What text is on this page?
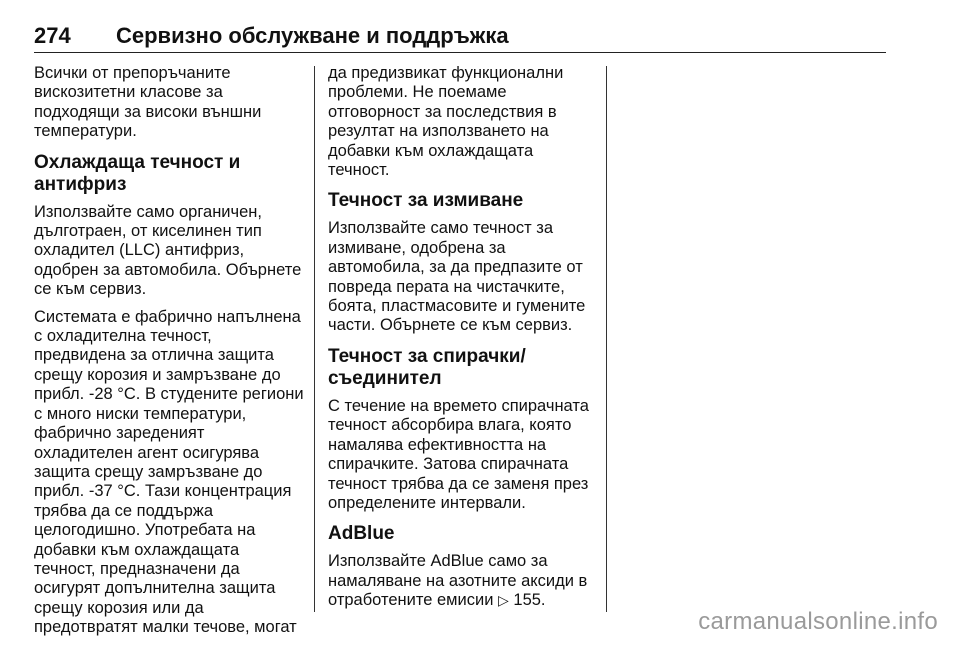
274 Сервизно обслужване и поддръжка

Всички от препоръчаните
вискозитетни класове за
подходящи за високи външни
температури.

Охлаждаща течност и
антифриз

Използвайте само органичен,
дълготраен, от киселинен тип
охладител (LLC) антифриз,
одобрен за автомобила. Обърнете
се към сервиз.

Системата е фабрично напълнена
с охладителна течност,
предвидена за отлична защита
срещу корозия и замръзване до
прибл. -28 °C. В студените региони
с много ниски температури,
фабрично зареденият
охладителен агент осигурява
защита срещу замръзване до
прибл. -37 °C. Тази концентрация
трябва да се поддържа
целогодишно. Употребата на
добавки към охлаждащата
течност, предназначени да
осигурят допълнителна защита
срещу корозия или да
предотвратят малки течове, могат

да предизвикат функционални
проблеми. Не поемаме
отговорност за последствия в
резултат на използването на
добавки към охлаждащата
течност.

Течност за измиване

Използвайте само течност за
измиване, одобрена за
автомобила, за да предпазите от
повреда перата на чистачките,
боята, пластмасовите и гумените
части. Обърнете се към сервиз.

Течност за спирачки/
съединител

С течение на времето спирачната
течност абсорбира влага, която
намалява ефективността на
спирачките. Затова спирачната
течност трябва да се заменя през
определените интервали.

AdBlue

Използвайте AdBlue само за
намаляване на азотните аксиди в
отработените емисии ▷ 155.

carmanualsonline.info
